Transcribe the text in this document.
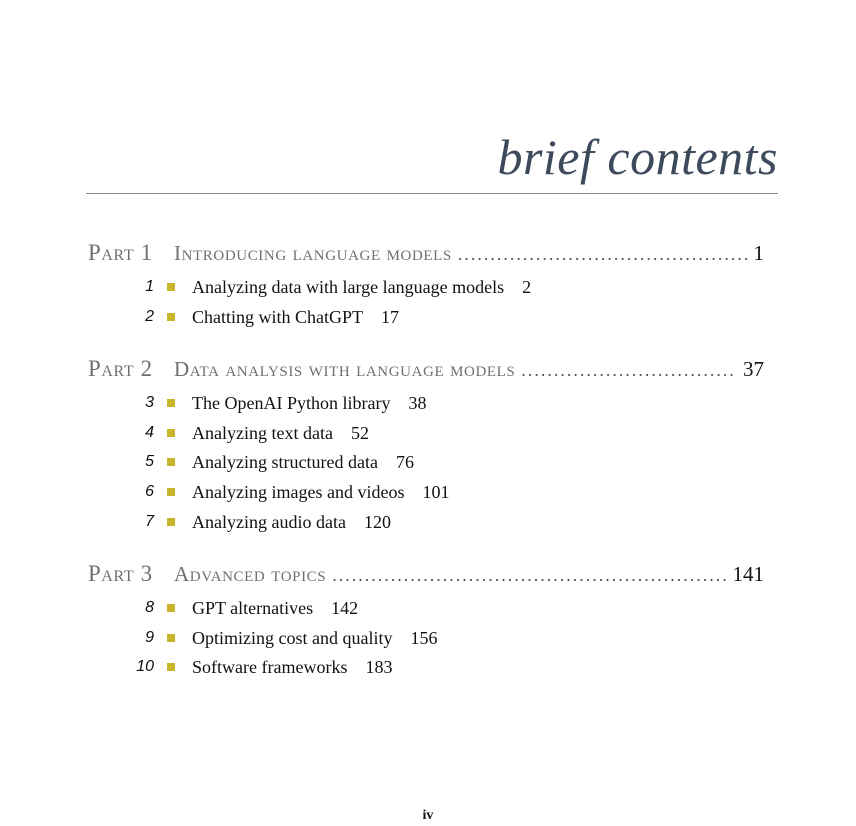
brief contents
Part 1	Introducing language models .....	1
1 Analyzing data with large language models 2
2 Chatting with ChatGPT 17
Part 2	Data analysis with language models .....	37
3 The OpenAI Python library 38
4 Analyzing text data 52
5 Analyzing structured data 76
6 Analyzing images and videos 101
7 Analyzing audio data 120
Part 3	Advanced topics .....	141
8 GPT alternatives 142
9 Optimizing cost and quality 156
10 Software frameworks 183
iv
